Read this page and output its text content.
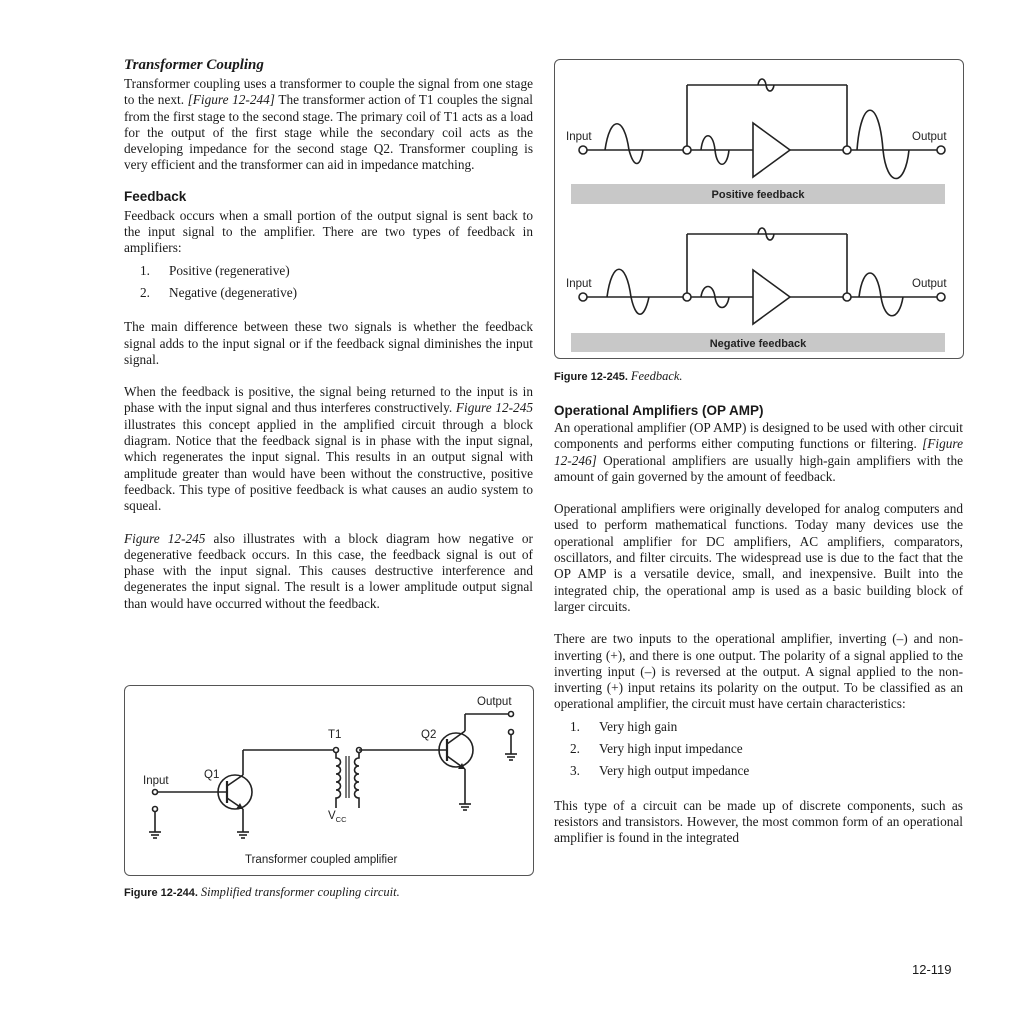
Transformer Coupling

Transformer coupling uses a transformer to couple the signal from one stage to the next. [Figure 12-244] The transformer action of T1 couples the signal from the first stage to the second stage. The primary coil of T1 acts as a load for the output of the first stage while the secondary coil acts as the developing impedance for the second stage Q2. Transformer coupling is very efficient and the transformer can aid in impedance matching.

Feedback

Feedback occurs when a small portion of the output signal is sent back to the input signal to the amplifier. There are two types of feedback in amplifiers:

1. Positive (regenerative)
2. Negative (degenerative)

The main difference between these two signals is whether the feedback signal adds to the input signal or if the feedback signal diminishes the input signal.

When the feedback is positive, the signal being returned to the input is in phase with the input signal and thus interferes constructively. Figure 12-245 illustrates this concept applied in the amplified circuit through a block diagram. Notice that the feedback signal is in phase with the input signal, which regenerates the input signal. This results in an output signal with amplitude greater than would have been without the constructive, positive feedback. This type of positive feedback is what causes an audio system to squeal.

Figure 12-245 also illustrates with a block diagram how negative or degenerative feedback occurs. In this case, the feedback signal is out of phase with the input signal. This causes destructive interference and degenerates the input signal. The result is a lower amplitude output signal than would have occurred without the feedback.

Output
T1	Q2
Input	Q1
$V_{CC}$
Transformer coupled amplifier
Figure 12-244. Simplified transformer coupling circuit.
Input	Output
Positive feedback
Input	Output
Negative feedback
Figure 12-245. Feedback.
Operational Amplifiers (OP AMP)

An operational amplifier (OP AMP) is designed to be used with other circuit components and performs either computing functions or filtering. [Figure 12-246] Operational amplifiers are usually high-gain amplifiers with the amount of gain governed by the amount of feedback.

Operational amplifiers were originally developed for analog computers and used to perform mathematical functions. Today many devices use the operational amplifier for DC amplifiers, AC amplifiers, comparators, oscillators, and filter circuits. The widespread use is due to the fact that the OP AMP is a versatile device, small, and inexpensive. Built into the integrated chip, the operational amp is used as a basic building block of larger circuits.

There are two inputs to the operational amplifier, inverting (–) and non-inverting (+), and there is one output. The polarity of a signal applied to the inverting input (–) is reversed at the output. A signal applied to the non-inverting (+) input retains its polarity on the output. To be classified as an operational amplifier, the circuit must have certain characteristics:

1. Very high gain
2. Very high input impedance
3. Very high output impedance

This type of a circuit can be made up of discrete components, such as resistors and transistors. However, the most common form of an operational amplifier is found in the integrated

12-119
